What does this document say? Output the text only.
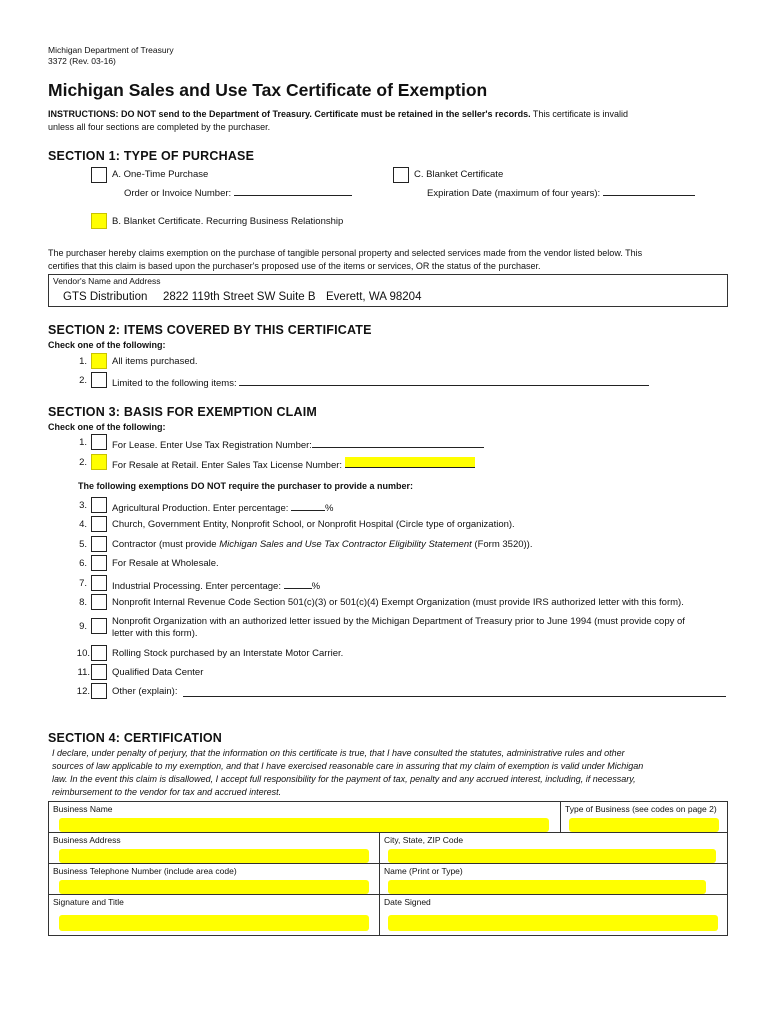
Michigan Department of Treasury
3372 (Rev. 03-16)
Michigan Sales and Use Tax Certificate of Exemption
INSTRUCTIONS: DO NOT send to the Department of Treasury. Certificate must be retained in the seller's records. This certificate is invalid
unless all four sections are completed by the purchaser.
SECTION 1: TYPE OF PURCHASE
A. One-Time Purchase
Order or Invoice Number:
C. Blanket Certificate
Expiration Date (maximum of four years):
B. Blanket Certificate. Recurring Business Relationship
The purchaser hereby claims exemption on the purchase of tangible personal property and selected services made from the vendor listed below. This
certifies that this claim is based upon the purchaser's proposed use of the items or services, OR the status of the purchaser.
Vendor's Name and Address
GTS Distribution 2822 119th Street SW Suite B Everett, WA 98204
SECTION 2: ITEMS COVERED BY THIS CERTIFICATE
Check one of the following:
1.	All items purchased.
2.	Limited to the following items:
SECTION 3: BASIS FOR EXEMPTION CLAIM
Check one of the following:
1.	For Lease. Enter Use Tax Registration Number:
2.	For Resale at Retail. Enter Sales Tax License Number:
The following exemptions DO NOT require the purchaser to provide a number:
3.	Agricultural Production. Enter percentage:	%
4.	Church, Government Entity, Nonprofit School, or Nonprofit Hospital (Circle type of organization).
5.	Contractor (must provide Michigan Sales and Use Tax Contractor Eligibility Statement (Form 3520)).
6.	For Resale at Wholesale.
7.	Industrial Processing. Enter percentage:	%
8.	Nonprofit Internal Revenue Code Section 501(c)(3) or 501(c)(4) Exempt Organization (must provide IRS authorized letter with this form).
9.	Nonprofit Organization with an authorized letter issued by the Michigan Department of Treasury prior to June 1994 (must provide copy of
letter with this form).
10. Rolling Stock purchased by an Interstate Motor Carrier.
11. Qualified Data Center
12. Other (explain):
SECTION 4: CERTIFICATION
I declare, under penalty of perjury, that the information on this certificate is true, that I have consulted the statutes, administrative rules and other
sources of law applicable to my exemption, and that I have exercised reasonable care in assuring that my claim of exemption is valid under Michigan
law. In the event this claim is disallowed, I accept full responsibility for the payment of tax, penalty and any accrued interest, including, if necessary,
reimbursement to the vendor for tax and accrued interest.
Business Name	Type of Business (see codes on page 2)
Business Address	City, State, ZIP Code
Business Telephone Number (include area code)	Name (Print or Type)
Signature and Title	Date Signed
